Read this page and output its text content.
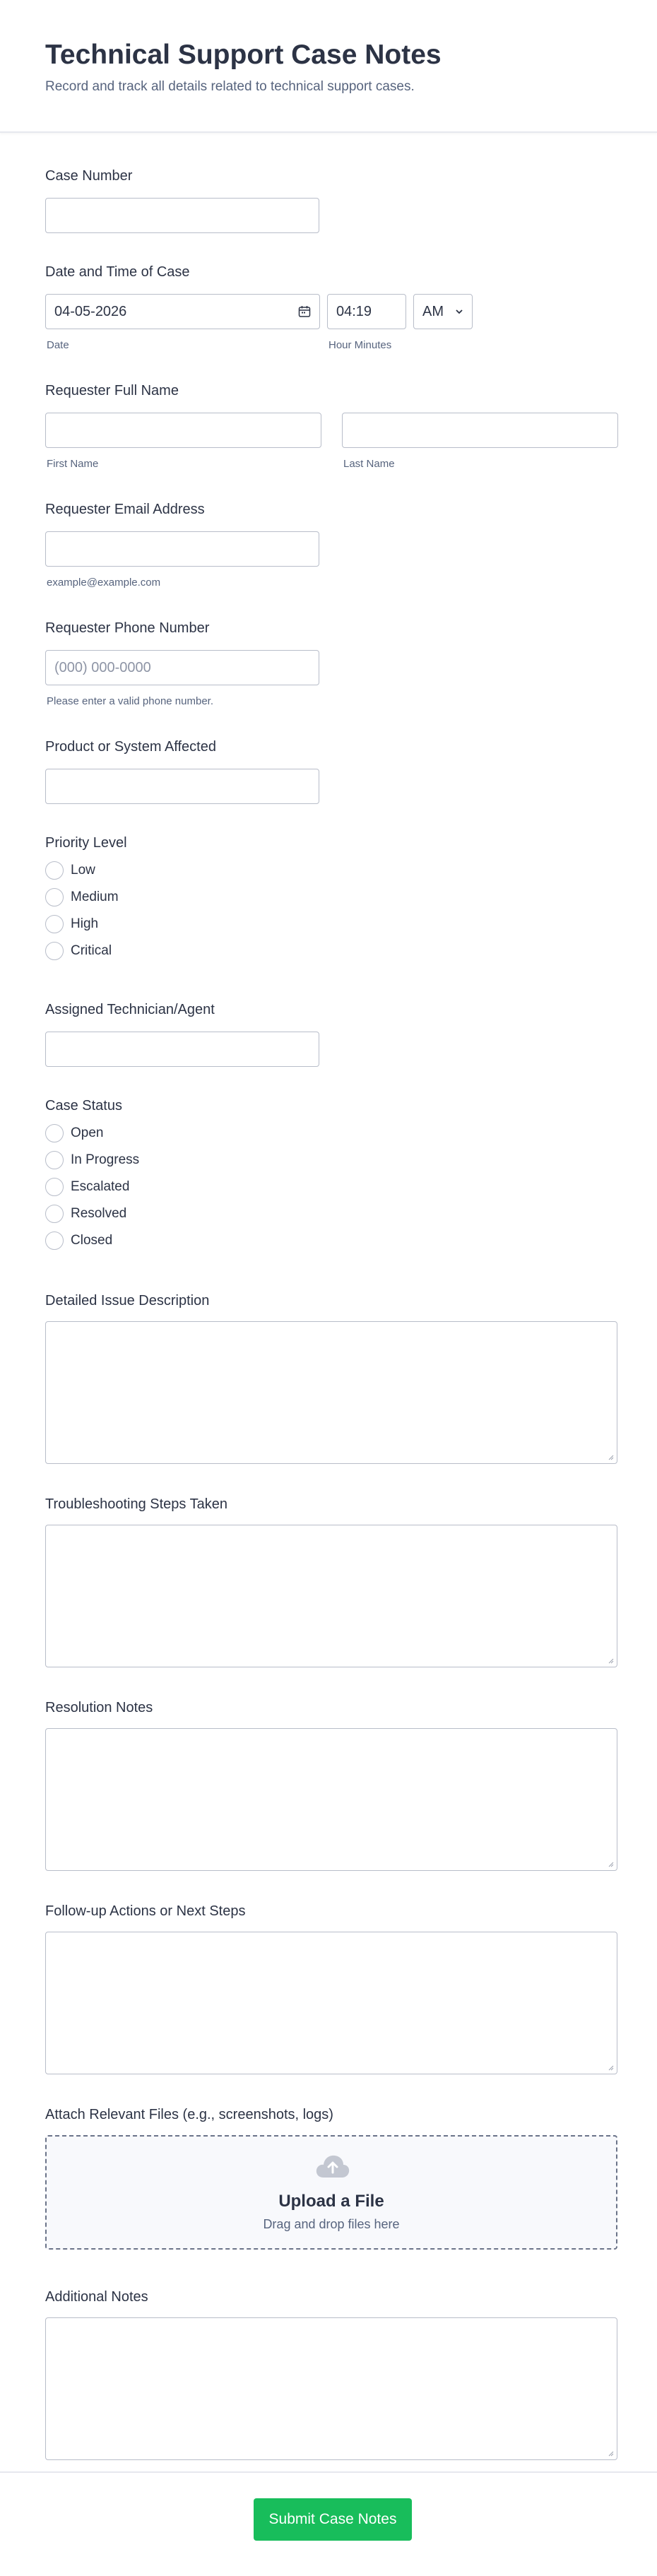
Technical Support Case Notes

Record and track all details related to technical support cases.

Case Number
Date and Time of Case
04-05-2026	04:19	AM
Date	Hour Minutes
Requester Full Name
First Name	Last Name
Requester Email Address
example@example.com
Requester Phone Number
(000) 000-0000
Please enter a valid phone number.
Product or System Affected
Priority Level
Low
Medium
High
Critical
Assigned Technician/Agent
Case Status
Open
In Progress
Escalated
Resolved
Closed
Detailed Issue Description
Troubleshooting Steps Taken
Resolution Notes
Follow-up Actions or Next Steps
Attach Relevant Files (e.g., screenshots, logs)
Upload a File
Drag and drop files here
Additional Notes
Submit Case Notes
